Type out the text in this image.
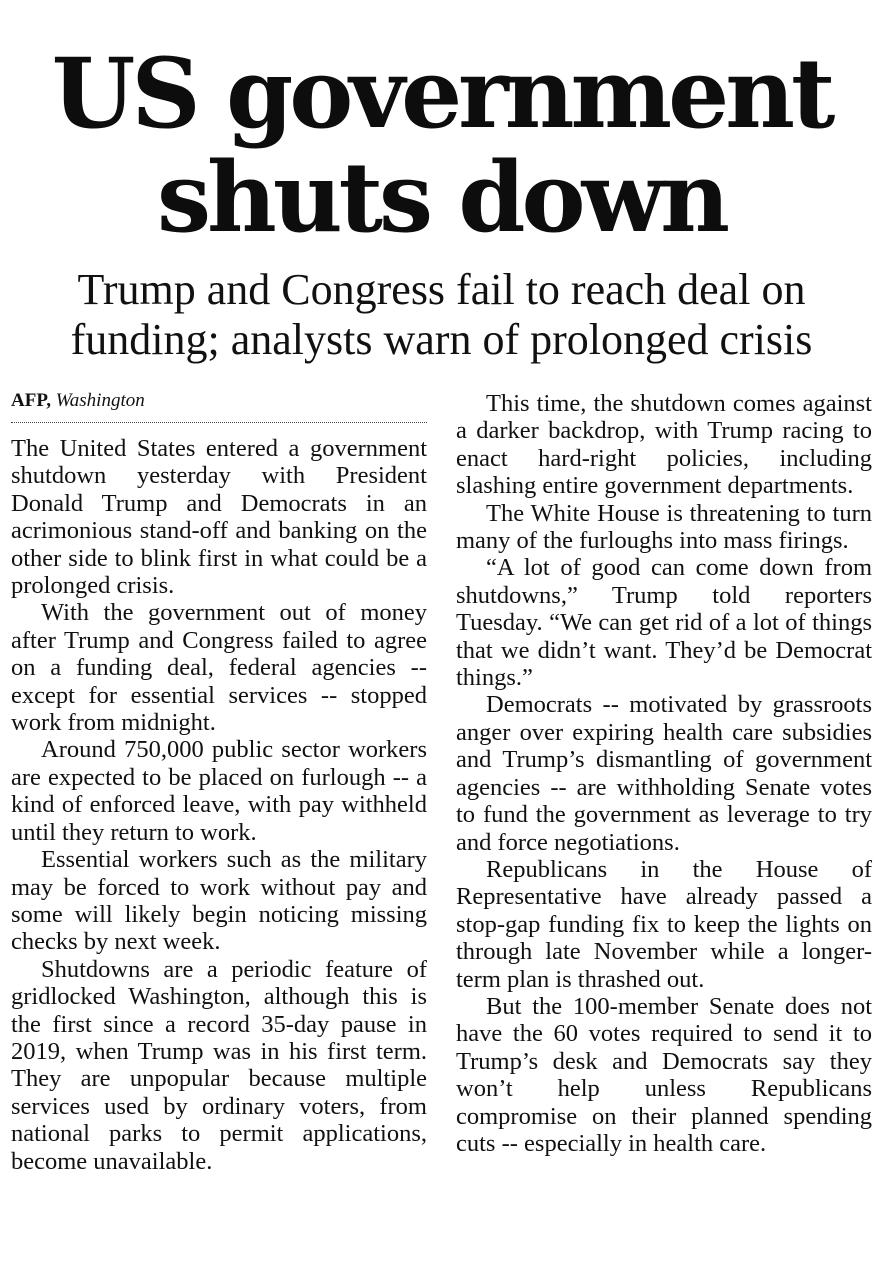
US government
shuts down
Trump and Congress fail to reach deal on
funding; analysts warn of prolonged crisis
AFP, Washington

The United States entered a government shutdown yesterday with President Donald Trump and Democrats in an acrimonious stand-off and banking on the other side to blink first in what could be a prolonged crisis.

With the government out of money after Trump and Congress failed to agree on a funding deal, federal agencies -- except for essential services -- stopped work from midnight.

Around 750,000 public sector workers are expected to be placed on furlough -- a kind of enforced leave, with pay withheld until they return to work.

Essential workers such as the military may be forced to work without pay and some will likely begin noticing missing checks by next week.

Shutdowns are a periodic feature of gridlocked Washington, although this is the first since a record 35-day pause in 2019, when Trump was in his first term. They are unpopular because multiple services used by ordinary voters, from national parks to permit applications, become unavailable.

This time, the shutdown comes against a darker backdrop, with Trump racing to enact hard-right policies, including slashing entire government departments.

The White House is threatening to turn many of the furloughs into mass firings.

“A lot of good can come down from shutdowns,” Trump told reporters Tuesday. “We can get rid of a lot of things that we didn’t want. They’d be Democrat things.”

Democrats -- motivated by grassroots anger over expiring health care subsidies and Trump’s dismantling of government agencies -- are withholding Senate votes to fund the government as leverage to try and force negotiations.

Republicans in the House of Representative have already passed a stop-gap funding fix to keep the lights on through late November while a longer-term plan is thrashed out.

But the 100-member Senate does not have the 60 votes required to send it to Trump’s desk and Democrats say they won’t help unless Republicans compromise on their planned spending cuts -- especially in health care.
